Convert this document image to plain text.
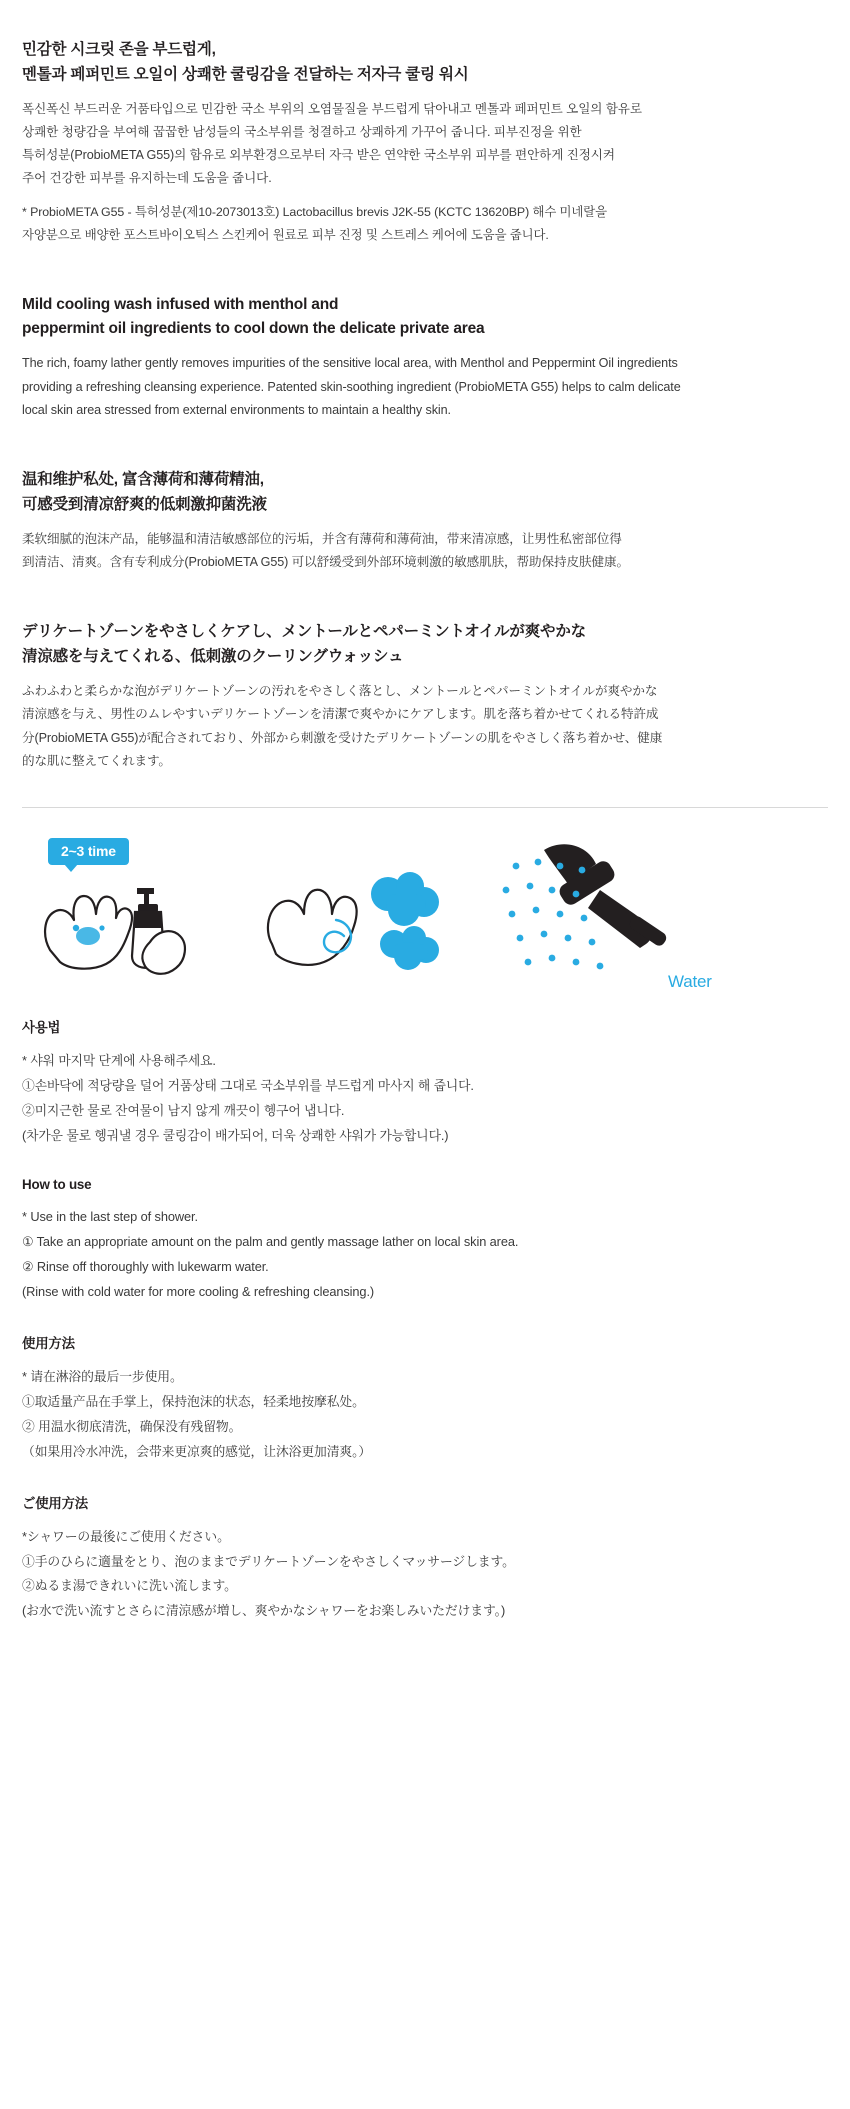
민감한 시크릿 존을 부드럽게,
멘톨과 페퍼민트 오일이 상쾌한 쿨링감을 전달하는 저자극 쿨링 워시
폭신폭신 부드러운 거품타입으로 민감한 국소 부위의 오염물질을 부드럽게 닦아내고 멘톨과 페퍼민트 오일의 함유로
상쾌한 청량감을 부여해 꿉꿉한 남성들의 국소부위를 청결하고 상쾌하게 가꾸어 줍니다. 피부진정을 위한
특허성분(ProbioMETA G55)의 함유로 외부환경으로부터 자극 받은 연약한 국소부위 피부를 편안하게 진정시켜
주어 건강한 피부를 유지하는데 도움을 줍니다.
* ProbioMETA G55 - 특허성분(제10-2073013호) Lactobacillus brevis J2K-55 (KCTC 13620BP) 해수 미네랄을
자양분으로 배양한 포스트바이오틱스 스킨케어 원료로 피부 진정 및 스트레스 케어에 도움을 줍니다.
Mild cooling wash infused with menthol and
peppermint oil ingredients to cool down the delicate private area
The rich, foamy lather gently removes impurities of the sensitive local area, with Menthol and Peppermint Oil ingredients
providing a refreshing cleansing experience. Patented skin-soothing ingredient (ProbioMETA G55) helps to calm delicate
local skin area stressed from external environments to maintain a healthy skin.
温和维护私处, 富含薄荷和薄荷精油,
可感受到清凉舒爽的低刺激抑菌洗液
柔软细腻的泡沫产品，能够温和清洁敏感部位的污垢，并含有薄荷和薄荷油，带来清凉感，让男性私密部位得
到清洁、清爽。含有专利成分(ProbioMETA G55) 可以舒缓受到外部环境刺激的敏感肌肤，帮助保持皮肤健康。
デリケートゾーンをやさしくケアし、メントールとペパーミントオイルが爽やかな
清涼感を与えてくれる、低刺激のクーリングウォッシュ
ふわふわと柔らかな泡がデリケートゾーンの汚れをやさしく落とし、メントールとペパーミントオイルが爽やかな
清涼感を与え、男性のムレやすいデリケートゾーンを清潔で爽やかにケアします。肌を落ち着かせてくれる特許成
分(ProbioMETA G55)が配合されており、外部から刺激を受けたデリケートゾーンの肌をやさしく落ち着かせ、健康
的な肌に整えてくれます。
2~3 time
Water
사용법
* 샤워 마지막 단계에 사용해주세요.
①손바닥에 적당량을 덜어 거품상태 그대로 국소부위를 부드럽게 마사지 해 줍니다.
②미지근한 물로 잔여물이 남지 않게 깨끗이 헹구어 냅니다.
(차가운 물로 헹궈낼 경우 쿨링감이 배가되어, 더욱 상쾌한 샤워가 가능합니다.)
How to use
* Use in the last step of shower.
① Take an appropriate amount on the palm and gently massage lather on local skin area.
② Rinse off thoroughly with lukewarm water.
(Rinse with cold water for more cooling & refreshing cleansing.)
使用方法
* 请在淋浴的最后一步使用。
①取适量产品在手掌上，保持泡沫的状态，轻柔地按摩私处。
② 用温水彻底清洗，确保没有残留物。
（如果用冷水冲洗，会带来更凉爽的感觉，让沐浴更加清爽。）
ご使用方法
*シャワーの最後にご使用ください。
①手のひらに適量をとり、泡のままでデリケートゾーンをやさしくマッサージします。
②ぬるま湯できれいに洗い流します。
(お水で洗い流すとさらに清涼感が増し、爽やかなシャワーをお楽しみいただけます。)
